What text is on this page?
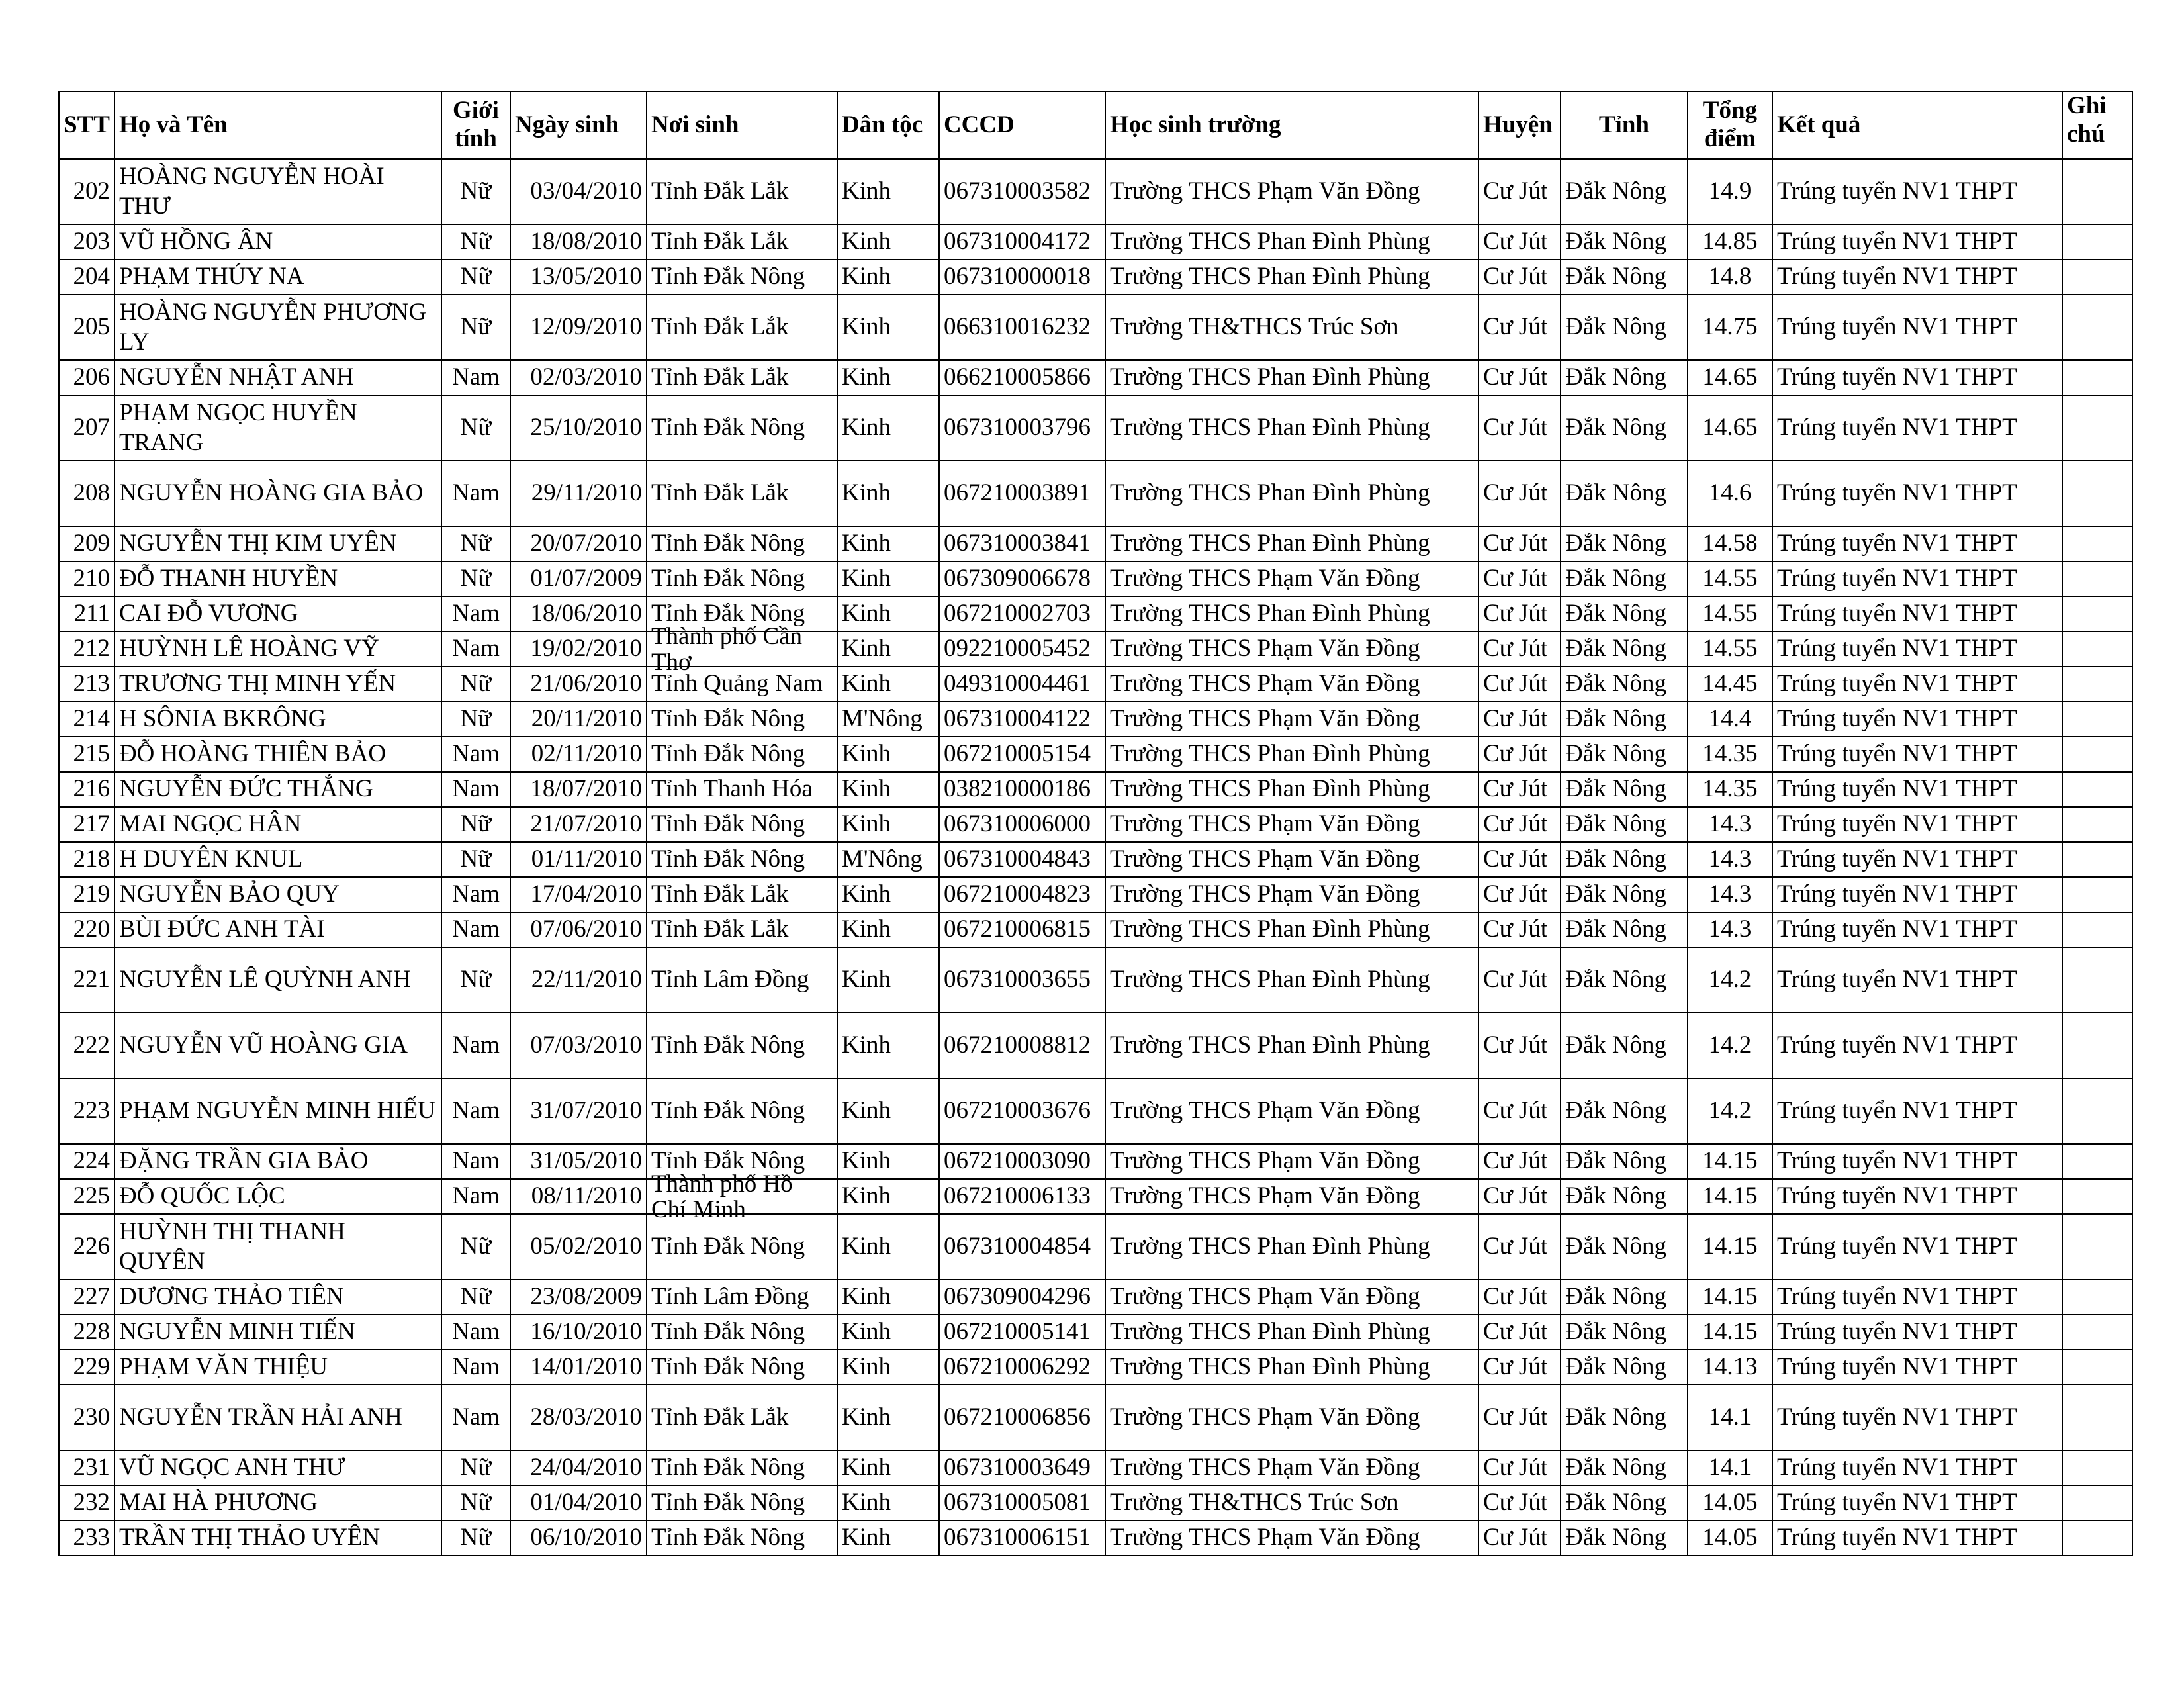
STT	Họ và Tên	Giới tính	Ngày sinh	Nơi sinh	Dân tộc	CCCD	Học sinh trường	Huyện	Tỉnh	Tổng điểm	Kết quả	Ghi chú
202	HOÀNG NGUYỄN HOÀI THƯ	Nữ	03/04/2010	Tỉnh Đắk Lắk	Kinh	067310003582	Trường THCS Phạm Văn Đồng	Cư Jút	Đắk Nông	14.9	Trúng tuyển NV1 THPT	
203	VŨ HỒNG ÂN	Nữ	18/08/2010	Tỉnh Đắk Lắk	Kinh	067310004172	Trường THCS Phan Đình Phùng	Cư Jút	Đắk Nông	14.85	Trúng tuyển NV1 THPT	
204	PHẠM THÚY NA	Nữ	13/05/2010	Tỉnh Đắk Nông	Kinh	067310000018	Trường THCS Phan Đình Phùng	Cư Jút	Đắk Nông	14.8	Trúng tuyển NV1 THPT	
205	HOÀNG NGUYỄN PHƯƠNG LY	Nữ	12/09/2010	Tỉnh Đắk Lắk	Kinh	066310016232	Trường TH&THCS Trúc Sơn	Cư Jút	Đắk Nông	14.75	Trúng tuyển NV1 THPT	
206	NGUYỄN NHẬT ANH	Nam	02/03/2010	Tỉnh Đắk Lắk	Kinh	066210005866	Trường THCS Phan Đình Phùng	Cư Jút	Đắk Nông	14.65	Trúng tuyển NV1 THPT	
207	PHẠM NGỌC HUYỀN TRANG	Nữ	25/10/2010	Tỉnh Đắk Nông	Kinh	067310003796	Trường THCS Phan Đình Phùng	Cư Jút	Đắk Nông	14.65	Trúng tuyển NV1 THPT	
208	NGUYỄN HOÀNG GIA BẢO	Nam	29/11/2010	Tỉnh Đắk Lắk	Kinh	067210003891	Trường THCS Phan Đình Phùng	Cư Jút	Đắk Nông	14.6	Trúng tuyển NV1 THPT	
209	NGUYỄN THỊ KIM UYÊN	Nữ	20/07/2010	Tỉnh Đắk Nông	Kinh	067310003841	Trường THCS Phan Đình Phùng	Cư Jút	Đắk Nông	14.58	Trúng tuyển NV1 THPT	
210	ĐỖ THANH HUYỀN	Nữ	01/07/2009	Tỉnh Đắk Nông	Kinh	067309006678	Trường THCS Phạm Văn Đồng	Cư Jút	Đắk Nông	14.55	Trúng tuyển NV1 THPT	
211	CAI ĐỖ VƯƠNG	Nam	18/06/2010	Tỉnh Đắk Nông	Kinh	067210002703	Trường THCS Phan Đình Phùng	Cư Jút	Đắk Nông	14.55	Trúng tuyển NV1 THPT	
212	HUỲNH LÊ HOÀNG VỸ	Nam	19/02/2010	Thành phố Cần Thơ	Kinh	092210005452	Trường THCS Phạm Văn Đồng	Cư Jút	Đắk Nông	14.55	Trúng tuyển NV1 THPT	
213	TRƯƠNG THỊ MINH YẾN	Nữ	21/06/2010	Tỉnh Quảng Nam	Kinh	049310004461	Trường THCS Phạm Văn Đồng	Cư Jút	Đắk Nông	14.45	Trúng tuyển NV1 THPT	
214	H SÔNIA BKRÔNG	Nữ	20/11/2010	Tỉnh Đắk Nông	M'Nông	067310004122	Trường THCS Phạm Văn Đồng	Cư Jút	Đắk Nông	14.4	Trúng tuyển NV1 THPT	
215	ĐỖ HOÀNG THIÊN BẢO	Nam	02/11/2010	Tỉnh Đắk Nông	Kinh	067210005154	Trường THCS Phan Đình Phùng	Cư Jút	Đắk Nông	14.35	Trúng tuyển NV1 THPT	
216	NGUYỄN ĐỨC THẮNG	Nam	18/07/2010	Tỉnh Thanh Hóa	Kinh	038210000186	Trường THCS Phan Đình Phùng	Cư Jút	Đắk Nông	14.35	Trúng tuyển NV1 THPT	
217	MAI NGỌC HÂN	Nữ	21/07/2010	Tỉnh Đắk Nông	Kinh	067310006000	Trường THCS Phạm Văn Đồng	Cư Jút	Đắk Nông	14.3	Trúng tuyển NV1 THPT	
218	H DUYÊN KNUL	Nữ	01/11/2010	Tỉnh Đắk Nông	M'Nông	067310004843	Trường THCS Phạm Văn Đồng	Cư Jút	Đắk Nông	14.3	Trúng tuyển NV1 THPT	
219	NGUYỄN BẢO QUY	Nam	17/04/2010	Tỉnh Đắk Lắk	Kinh	067210004823	Trường THCS Phạm Văn Đồng	Cư Jút	Đắk Nông	14.3	Trúng tuyển NV1 THPT	
220	BÙI ĐỨC ANH TÀI	Nam	07/06/2010	Tỉnh Đắk Lắk	Kinh	067210006815	Trường THCS Phan Đình Phùng	Cư Jút	Đắk Nông	14.3	Trúng tuyển NV1 THPT	
221	NGUYỄN LÊ QUỲNH ANH	Nữ	22/11/2010	Tỉnh Lâm Đồng	Kinh	067310003655	Trường THCS Phan Đình Phùng	Cư Jút	Đắk Nông	14.2	Trúng tuyển NV1 THPT	
222	NGUYỄN VŨ HOÀNG GIA	Nam	07/03/2010	Tỉnh Đắk Nông	Kinh	067210008812	Trường THCS Phan Đình Phùng	Cư Jút	Đắk Nông	14.2	Trúng tuyển NV1 THPT	
223	PHẠM NGUYỄN MINH HIẾU	Nam	31/07/2010	Tỉnh Đắk Nông	Kinh	067210003676	Trường THCS Phạm Văn Đồng	Cư Jút	Đắk Nông	14.2	Trúng tuyển NV1 THPT	
224	ĐẶNG TRẦN GIA BẢO	Nam	31/05/2010	Tỉnh Đắk Nông	Kinh	067210003090	Trường THCS Phạm Văn Đồng	Cư Jút	Đắk Nông	14.15	Trúng tuyển NV1 THPT	
225	ĐỖ QUỐC LỘC	Nam	08/11/2010	Thành phố Hồ Chí Minh	Kinh	067210006133	Trường THCS Phạm Văn Đồng	Cư Jút	Đắk Nông	14.15	Trúng tuyển NV1 THPT	
226	HUỲNH THỊ THANH QUYÊN	Nữ	05/02/2010	Tỉnh Đắk Nông	Kinh	067310004854	Trường THCS Phan Đình Phùng	Cư Jút	Đắk Nông	14.15	Trúng tuyển NV1 THPT	
227	DƯƠNG THẢO TIÊN	Nữ	23/08/2009	Tỉnh Lâm Đồng	Kinh	067309004296	Trường THCS Phạm Văn Đồng	Cư Jút	Đắk Nông	14.15	Trúng tuyển NV1 THPT	
228	NGUYỄN MINH TIẾN	Nam	16/10/2010	Tỉnh Đắk Nông	Kinh	067210005141	Trường THCS Phan Đình Phùng	Cư Jút	Đắk Nông	14.15	Trúng tuyển NV1 THPT	
229	PHẠM VĂN THIỆU	Nam	14/01/2010	Tỉnh Đắk Nông	Kinh	067210006292	Trường THCS Phan Đình Phùng	Cư Jút	Đắk Nông	14.13	Trúng tuyển NV1 THPT	
230	NGUYỄN TRẦN HẢI ANH	Nam	28/03/2010	Tỉnh Đắk Lắk	Kinh	067210006856	Trường THCS Phạm Văn Đồng	Cư Jút	Đắk Nông	14.1	Trúng tuyển NV1 THPT	
231	VŨ NGỌC ANH THƯ	Nữ	24/04/2010	Tỉnh Đắk Nông	Kinh	067310003649	Trường THCS Phạm Văn Đồng	Cư Jút	Đắk Nông	14.1	Trúng tuyển NV1 THPT	
232	MAI HÀ PHƯƠNG	Nữ	01/04/2010	Tỉnh Đắk Nông	Kinh	067310005081	Trường TH&THCS Trúc Sơn	Cư Jút	Đắk Nông	14.05	Trúng tuyển NV1 THPT	
233	TRẦN THỊ THẢO UYÊN	Nữ	06/10/2010	Tỉnh Đắk Nông	Kinh	067310006151	Trường THCS Phạm Văn Đồng	Cư Jút	Đắk Nông	14.05	Trúng tuyển NV1 THPT	
